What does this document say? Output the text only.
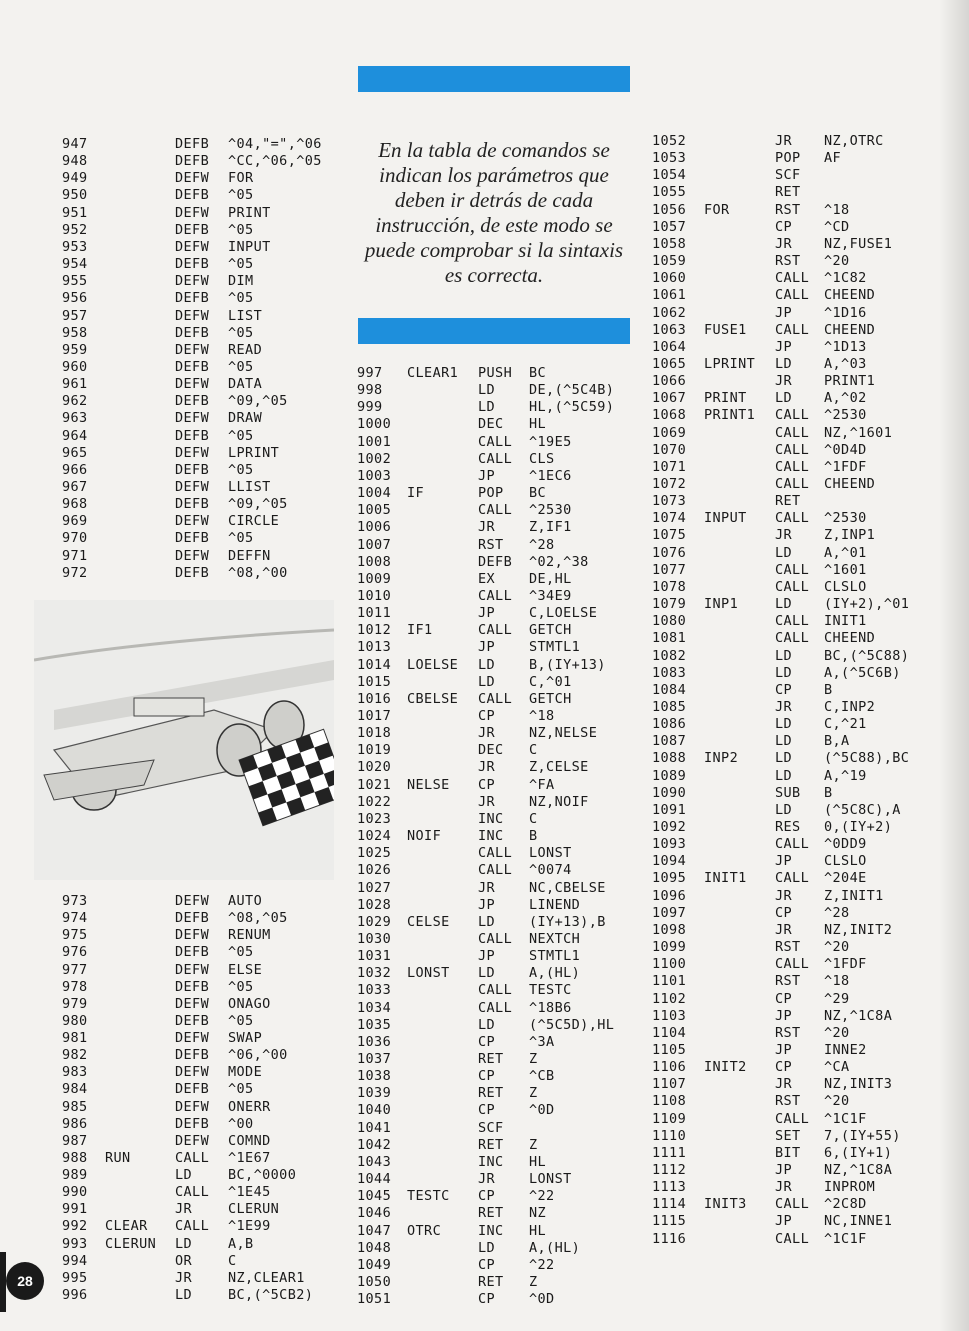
En la tabla de comandos se indican los parámetros que deben ir detrás de cada instrucción, de este modo se puede comprobar si la sintaxis es correcta.
947	DEFB ^04,"=",^06
948	DEFB ^CC,^06,^05
949	DEFW FOR
950	DEFB ^05
951	DEFW PRINT
952	DEFB ^05
953	DEFW INPUT
954	DEFB ^05
955	DEFW DIM
956	DEFB ^05
957	DEFW LIST
958	DEFB ^05
959	DEFW READ
960	DEFB ^05
961	DEFW DATA
962	DEFB ^09,^05
963	DEFW DRAW
964	DEFB ^05
965	DEFW LPRINT
966	DEFB ^05
967	DEFW LLIST
968	DEFB ^09,^05
969	DEFW CIRCLE
970	DEFB ^05
971	DEFW DEFFN
972	DEFB ^08,^00
973	DEFW AUTO
974	DEFB ^08,^05
975	DEFW RENUM
976	DEFB ^05
977	DEFW ELSE
978	DEFB ^05
979	DEFW ONAGO
980	DEFB ^05
981	DEFW SWAP
982	DEFB ^06,^00
983	DEFW MODE
984	DEFB ^05
985	DEFW ONERR
986	DEFB ^00
987	DEFW COMND
988 RUN	CALL ^1E67
989	LD	BC,^0000
990	CALL ^1E45
991	JR	CLERUN
992 CLEAR CALL ^1E99
993 CLERUN LD	A,B
994	OR	C
995	JR	NZ,CLEAR1
996	LD	BC,(^5CB2)
997 CLEAR1 PUSH BC
998	LD	DE,(^5C4B)
999	LD	HL,(^5C59)
1000	DEC HL
1001	CALL ^19E5
1002	CALL CLS
1003	JP	^1EC6
1004 IF	POP BC
1005	CALL ^2530
1006	JR	Z,IF1
1007	RST ^28
1008	DEFB ^02,^38
1009	EX	DE,HL
1010	CALL ^34E9
1011	JP	C,LOELSE
1012 IF1	CALL GETCH
1013	JP	STMTL1
1014 LOELSE LD	B,(IY+13)
1015	LD	C,^01
1016 CBELSE CALL GETCH
1017	CP	^18
1018	JR	NZ,NELSE
1019	DEC C
1020	JR	Z,CELSE
1021 NELSE CP	^FA
1022	JR	NZ,NOIF
1023	INC C
1024 NOIF	INC B
1025	CALL LONST
1026	CALL ^0074
1027	JR	NC,CBELSE
1028	JP	LINEND
1029 CELSE LD	(IY+13),B
1030	CALL NEXTCH
1031	JP	STMTL1
1032 LONST LD	A,(HL)
1033	CALL TESTC
1034	CALL ^18B6
1035	LD	(^5C5D),HL
1036	CP	^3A
1037	RET Z
1038	CP	^CB
1039	RET Z
1040	CP	^0D
1041	SCF
1042	RET Z
1043	INC HL
1044	JR	LONST
1045 TESTC CP	^22
1046	RET NZ
1047 OTRC	INC HL
1048	LD	A,(HL)
1049	CP	^22
1050	RET Z
1051	CP	^0D
1052	JR NZ,OTRC
1053	POP AF
1054	SCF
1055	RET
1056 FOR	RST ^18
1057	CP ^CD
1058	JR NZ,FUSE1
1059	RST ^20
1060	CALL ^1C82
1061	CALL CHEEND
1062	JP ^1D16
1063 FUSE1 CALL CHEEND
1064	JP ^1D13
1065 LPRINT LD A,^03
1066	JR PRINT1
1067 PRINT LD A,^02
1068 PRINT1 CALL ^2530
1069	CALL NZ,^1601
1070	CALL ^0D4D
1071	CALL ^1FDF
1072	CALL CHEEND
1073	RET
1074 INPUT CALL ^2530
1075	JR Z,INP1
1076	LD A,^01
1077	CALL ^1601
1078	CALL CLSLO
1079 INP1	LD (IY+2),^01
1080	CALL INIT1
1081	CALL CHEEND
1082	LD BC,(^5C88)
1083	LD A,(^5C6B)
1084	CP B
1085	JR C,INP2
1086	LD C,^21
1087	LD B,A
1088 INP2	LD (^5C88),BC
1089	LD A,^19
1090	SUB B
1091	LD (^5C8C),A
1092	RES 0,(IY+2)
1093	CALL ^0DD9
1094	JP CLSLO
1095 INIT1 CALL ^204E
1096	JR Z,INIT1
1097	CP ^28
1098	JR NZ,INIT2
1099	RST ^20
1100	CALL ^1FDF
1101	RST ^18
1102	CP ^29
1103	JP NZ,^1C8A
1104	RST ^20
1105	JP INNE2
1106 INIT2 CP ^CA
1107	JR NZ,INIT3
1108	RST ^20
1109	CALL ^1C1F
1110	SET 7,(IY+55)
1111	BIT 6,(IY+1)
1112	JP NZ,^1C8A
1113	JR INPROM
1114 INIT3 CALL ^2C8D
1115	JP NC,INNE1
1116	CALL ^1C1F
28
